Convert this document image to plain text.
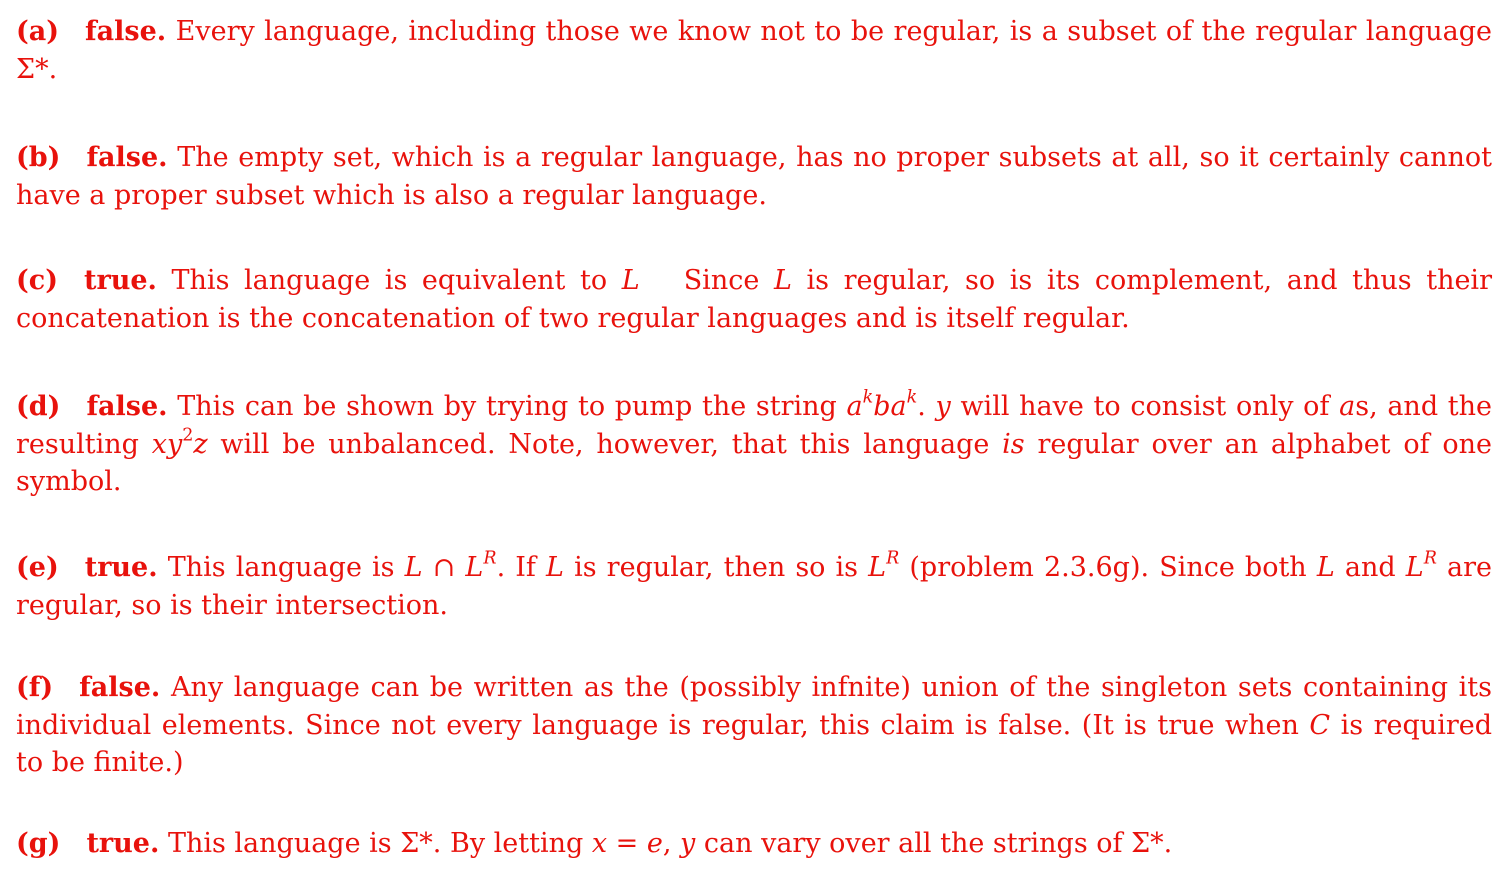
(a) false. Every language, including those we know not to be regular, is a subset of the regular language Σ*.
(b) false. The empty set, which is a regular language, has no proper subsets at all, so it certainly cannot have a proper subset which is also a regular language.
(c) true. This language is equivalent to L Since L is regular, so is its complement, and thus their concatenation is the concatenation of two regular languages and is itself regular.
(d) false. This can be shown by trying to pump the string $a^kba^k$. y will have to consist only of as, and the resulting $xy^2z$ will be unbalanced. Note, however, that this language is regular over an alphabet of one symbol.
(e) true. This language is L ∩ $L^R$. If L is regular, then so is $L^R$ (problem 2.3.6g). Since both L and $L^R$ are regular, so is their intersection.
(f) false. Any language can be written as the (possibly infnite) union of the singleton sets containing its individual elements. Since not every language is regular, this claim is false. (It is true when C is required to be finite.)
(g) true. This language is Σ*. By letting x = e, y can vary over all the strings of Σ*.
